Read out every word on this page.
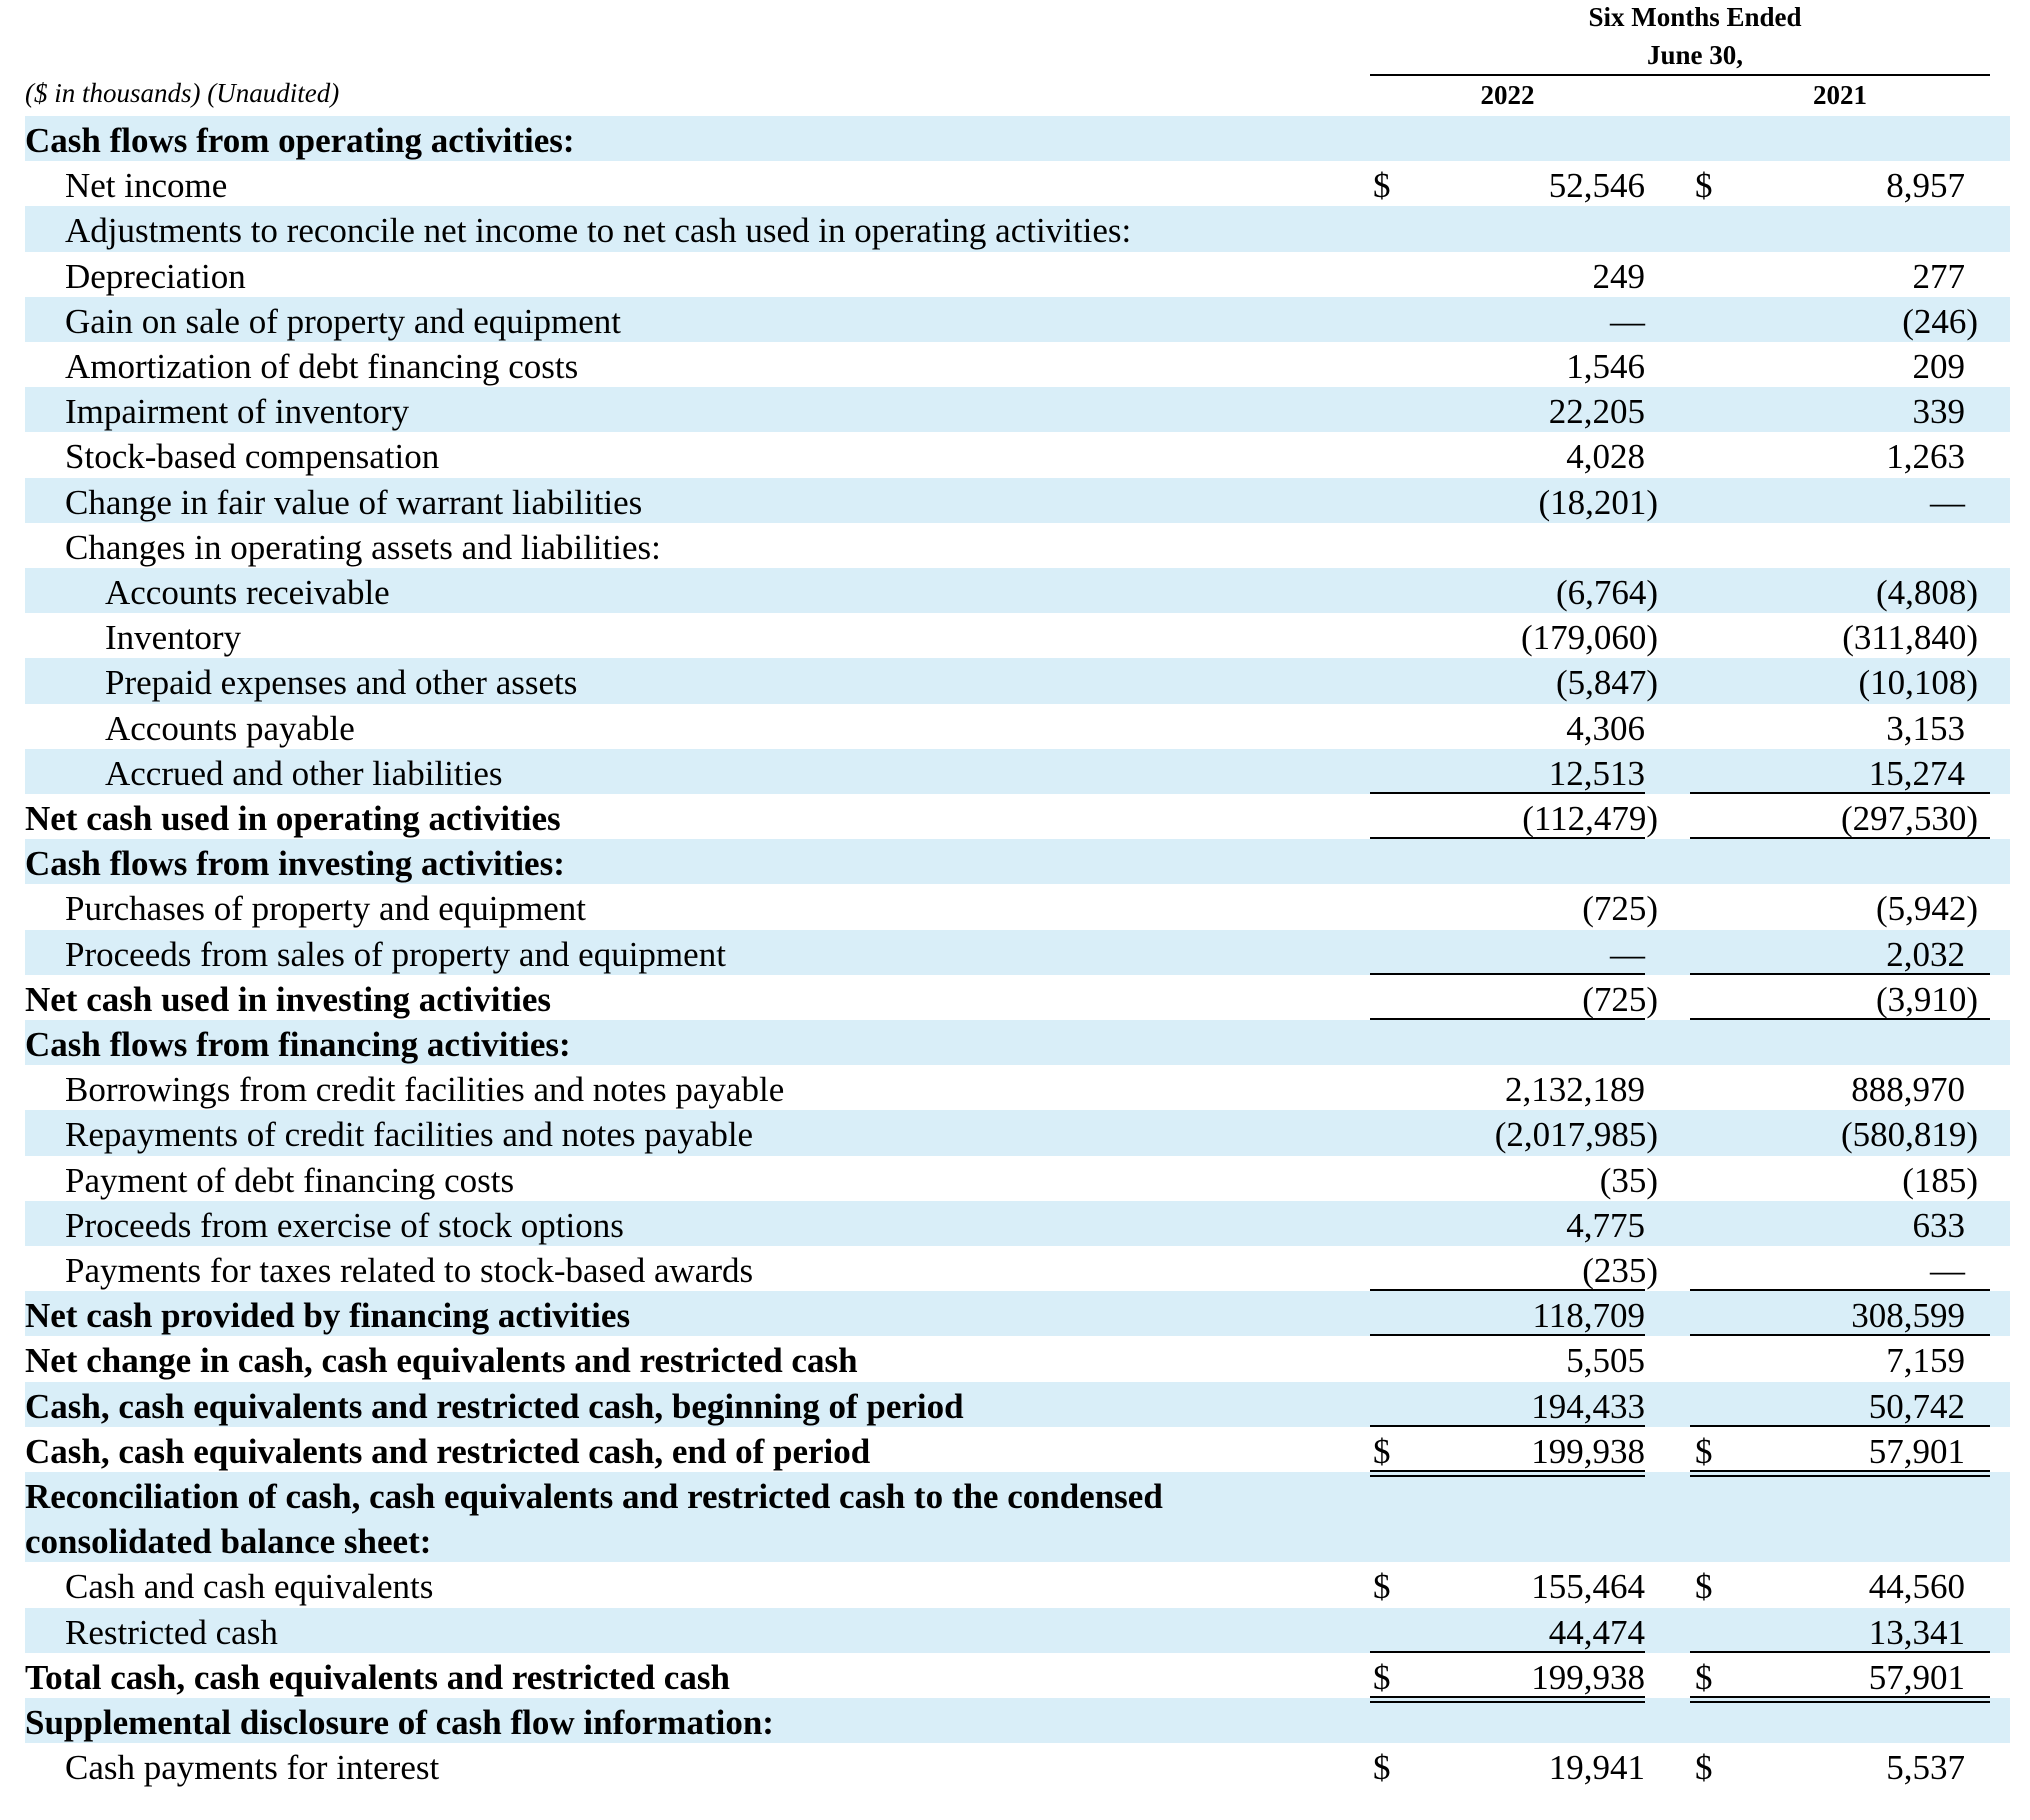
Six Months Ended
June 30,
($ in thousands) (Unaudited)	2022	2021
Cash flows from operating activities:
Net income	52,546	8,957
$	$
Adjustments to reconcile net income to net cash used in operating activities:
Depreciation	249	277
Gain on sale of property and equipment	—	(246)
Amortization of debt financing costs	1,546	209
Impairment of inventory	22,205	339
Stock-based compensation	4,028	1,263
Change in fair value of warrant liabilities	(18,201)	—
Changes in operating assets and liabilities:
Accounts receivable	(6,764)	(4,808)
Inventory	(179,060)	(311,840)
Prepaid expenses and other assets	(5,847)	(10,108)
Accounts payable	4,306	3,153
Accrued and other liabilities	12,513	15,274
Net cash used in operating activities	(112,479)	(297,530)
Cash flows from investing activities:
Purchases of property and equipment	(725)	(5,942)
Proceeds from sales of property and equipment	—	2,032
Net cash used in investing activities	(725)	(3,910)
Cash flows from financing activities:
Borrowings from credit facilities and notes payable	2,132,189	888,970
Repayments of credit facilities and notes payable	(2,017,985)	(580,819)
Payment of debt financing costs	(35)	(185)
Proceeds from exercise of stock options	4,775	633
Payments for taxes related to stock-based awards	(235)	—
Net cash provided by financing activities	118,709	308,599
Net change in cash, cash equivalents and restricted cash	5,505	7,159
Cash, cash equivalents and restricted cash, beginning of period	194,433	50,742
Cash, cash equivalents and restricted cash, end of period	199,938	57,901
$	$
Reconciliation of cash, cash equivalents and restricted cash to the condensed
consolidated balance sheet:
Cash and cash equivalents	155,464	44,560
$	$
Restricted cash	44,474	13,341
Total cash, cash equivalents and restricted cash	199,938	57,901
$	$
Supplemental disclosure of cash flow information:
Cash payments for interest	19,941	5,537
$	$
